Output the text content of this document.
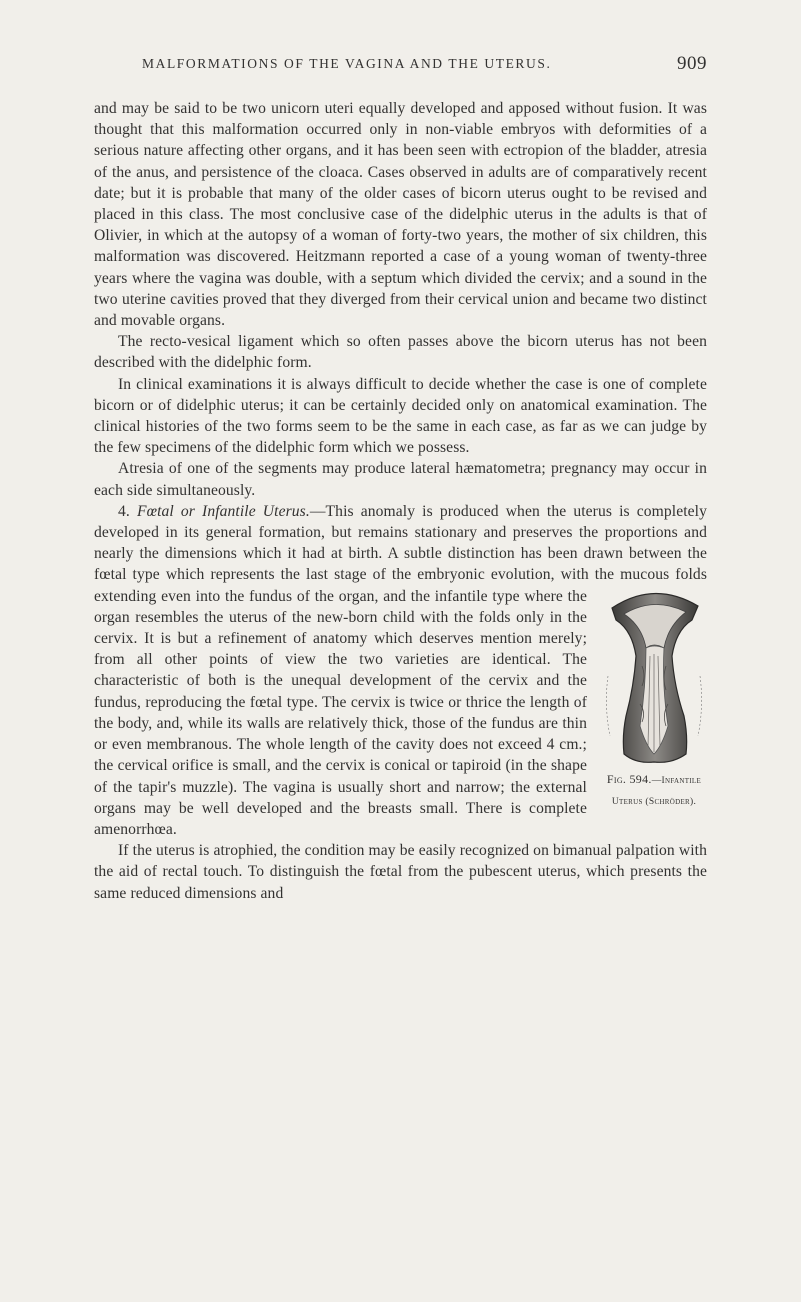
MALFORMATIONS OF THE VAGINA AND THE UTERUS.	909

and may be said to be two unicorn uteri equally developed and apposed without fusion. It was thought that this malformation occurred only in non-viable embryos with deformities of a serious nature affecting other organs, and it has been seen with ectropion of the bladder, atresia of the anus, and persistence of the cloaca. Cases observed in adults are of comparatively recent date; but it is probable that many of the older cases of bicorn uterus ought to be revised and placed in this class. The most conclusive case of the didelphic uterus in the adults is that of Olivier, in which at the autopsy of a woman of forty-two years, the mother of six children, this malformation was discovered. Heitzmann reported a case of a young woman of twenty-three years where the vagina was double, with a septum which divided the cervix; and a sound in the two uterine cavities proved that they diverged from their cervical union and became two distinct and movable organs.

The recto-vesical ligament which so often passes above the bicorn uterus has not been described with the didelphic form.

In clinical examinations it is always difficult to decide whether the case is one of complete bicorn or of didelphic uterus; it can be certainly decided only on anatomical examination. The clinical histories of the two forms seem to be the same in each case, as far as we can judge by the few specimens of the didelphic form which we possess.

Atresia of one of the segments may produce lateral hæmatometra; pregnancy may occur in each side simultaneously.

4. Fœtal or Infantile Uterus.—This anomaly is produced when the uterus is completely developed in its general formation, but remains stationary and preserves the proportions and nearly the dimensions which it had at birth. A subtle distinction has been drawn between the fœtal type which represents the last stage of the embryonic evolution, with the mucous folds extending even into the fundus of the organ, and the infantile type
Fig. 594.—Infantile Uterus (Schröder).
where the organ resembles the uterus of the new-born child with the folds only in the cervix. It is but a refinement of anatomy which deserves mention merely; from all other points of view the two varieties are identical. The characteristic of both is the unequal development of the cervix and the fundus, reproducing the fœtal type. The cervix is twice or thrice the length of the body, and, while its walls are relatively thick, those of the fundus are thin or even membranous. The whole length of the cavity does not exceed 4 cm.; the cervical orifice is small, and the cervix is conical or tapiroid (in the shape of the tapir's muzzle). The vagina is usually short and narrow; the external organs may be well developed and the breasts small. There is complete amenorrhœa.

If the uterus is atrophied, the condition may be easily recognized on bimanual palpation with the aid of rectal touch. To distinguish the fœtal from the pubescent uterus, which presents the same reduced dimensions and
